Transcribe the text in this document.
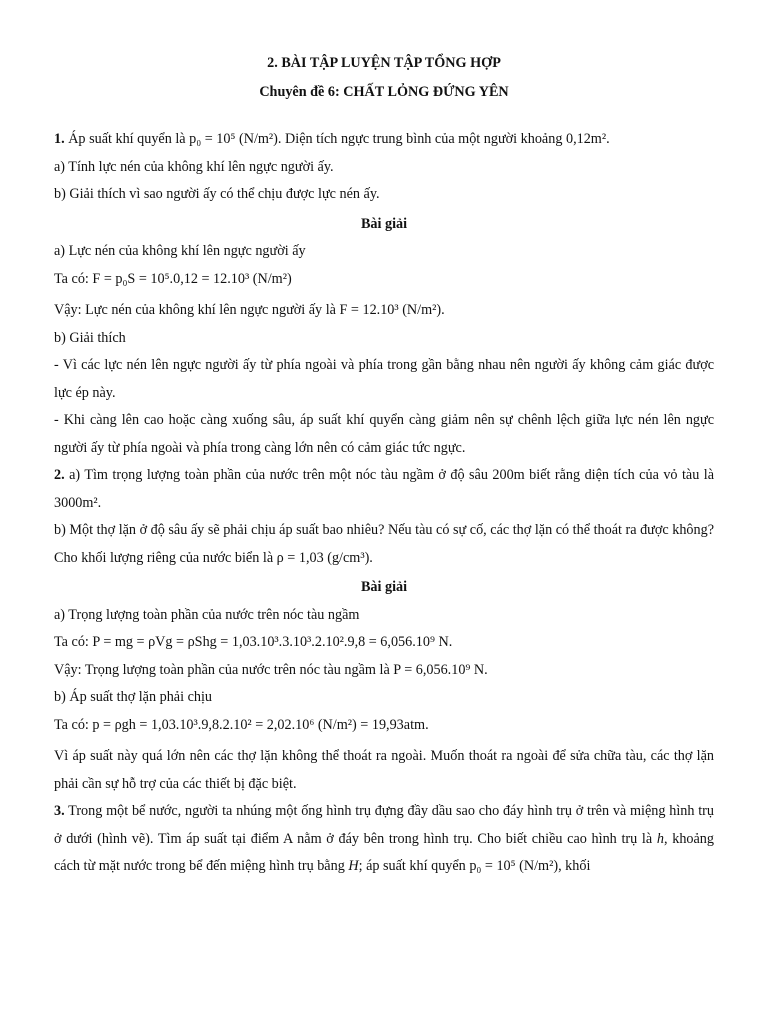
2. BÀI TẬP LUYỆN TẬP TỔNG HỢP

Chuyên đề 6: CHẤT LỎNG ĐỨNG YÊN

1. Áp suất khí quyển là p₀ = 10⁵ (N/m²). Diện tích ngực trung bình của một người khoảng 0,12m².

a) Tính lực nén của không khí lên ngực người ấy.

b) Giải thích vì sao người ấy có thể chịu được lực nén ấy.

Bài giải

a) Lực nén của không khí lên ngực người ấy

Ta có: F = p₀S = 10⁵.0,12 = 12.10³ (N/m²)

Vậy: Lực nén của không khí lên ngực người ấy là F = 12.10³ (N/m²).

b) Giải thích

- Vì các lực nén lên ngực người ấy từ phía ngoài và phía trong gần bằng nhau nên người ấy không cảm giác được lực ép này.

- Khi càng lên cao hoặc càng xuống sâu, áp suất khí quyển càng giảm nên sự chênh lệch giữa lực nén lên ngực người ấy từ phía ngoài và phía trong càng lớn nên có cảm giác tức ngực.

2. a) Tìm trọng lượng toàn phần của nước trên một nóc tàu ngầm ở độ sâu 200m biết rằng diện tích của vỏ tàu là 3000m².

b) Một thợ lặn ở độ sâu ấy sẽ phải chịu áp suất bao nhiêu? Nếu tàu có sự cố, các thợ lặn có thể thoát ra được không? Cho khối lượng riêng của nước biển là ρ = 1,03 (g/cm³).

Bài giải

a) Trọng lượng toàn phần của nước trên nóc tàu ngầm

Ta có: P = mg = ρVg = ρShg = 1,03.10³.3.10³.2.10².9,8 = 6,056.10⁹ N.

Vậy: Trọng lượng toàn phần của nước trên nóc tàu ngầm là P = 6,056.10⁹ N.

b) Áp suất thợ lặn phải chịu

Ta có: p = ρgh = 1,03.10³.9,8.2.10² = 2,02.10⁶ (N/m²) = 19,93atm.

Vì áp suất này quá lớn nên các thợ lặn không thể thoát ra ngoài. Muốn thoát ra ngoài để sửa chữa tàu, các thợ lặn phải cần sự hỗ trợ của các thiết bị đặc biệt.

3. Trong một bể nước, người ta nhúng một ống hình trụ đựng đầy dầu sao cho đáy hình trụ ở trên và miệng hình trụ ở dưới (hình vẽ). Tìm áp suất tại điểm A nằm ở đáy bên trong hình trụ. Cho biết chiều cao hình trụ là h, khoảng cách từ mặt nước trong bể đến miệng hình trụ bằng H; áp suất khí quyển p₀ = 10⁵ (N/m²), khối
